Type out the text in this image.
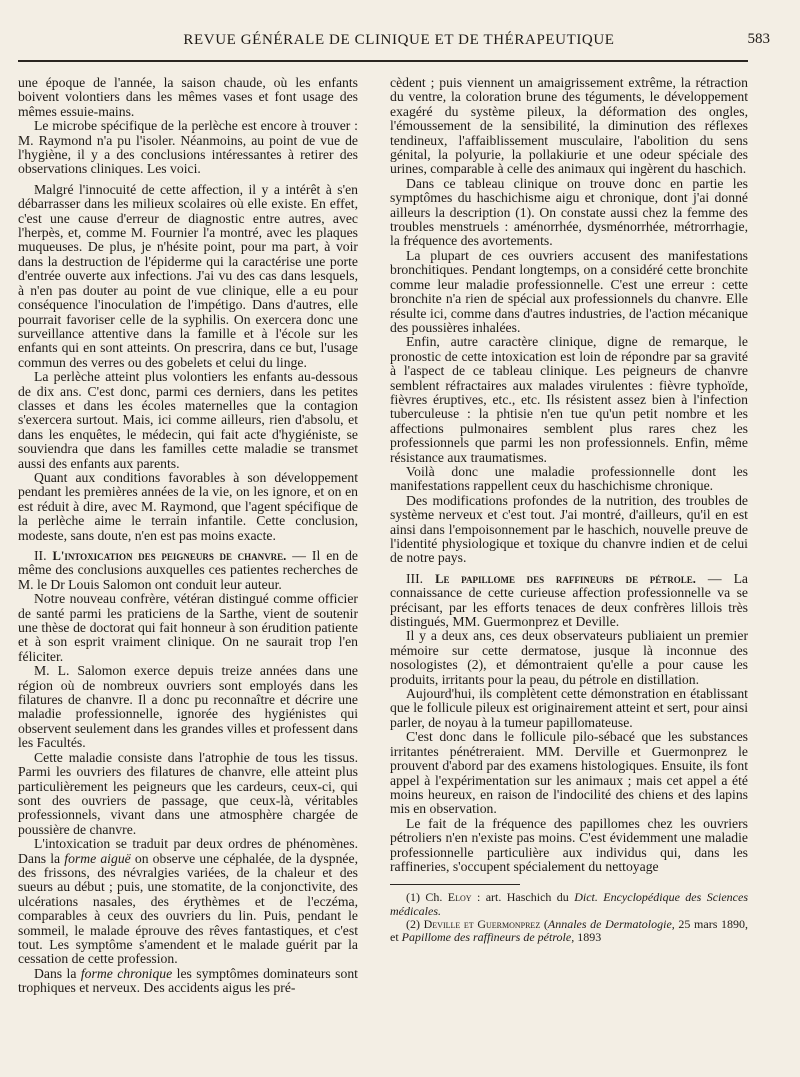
REVUE GÉNÉRALE DE CLINIQUE ET DE THÉRAPEUTIQUE	583

une époque de l'année, la saison chaude, où les enfants boivent volontiers dans les mêmes vases et font usage des mêmes essuie-mains.

Le microbe spécifique de la perlèche est encore à trouver : M. Raymond n'a pu l'isoler. Néanmoins, au point de vue de l'hygiène, il y a des conclusions intéressantes à retirer des observations cliniques. Les voici.

Malgré l'innocuité de cette affection, il y a intérêt à s'en débarrasser dans les milieux scolaires où elle existe. En effet, c'est une cause d'erreur de diagnostic entre autres, avec l'herpès, et, comme M. Fournier l'a montré, avec les plaques muqueuses. De plus, je n'hésite point, pour ma part, à voir dans la destruction de l'épiderme qui la caractérise une porte d'entrée ouverte aux infections. J'ai vu des cas dans lesquels, à n'en pas douter au point de vue clinique, elle a eu pour conséquence l'inoculation de l'impétigo. Dans d'autres, elle pourrait favoriser celle de la syphilis. On exercera donc une surveillance attentive dans la famille et à l'école sur les enfants qui en sont atteints. On prescrira, dans ce but, l'usage commun des verres ou des gobelets et celui du linge.

La perlèche atteint plus volontiers les enfants au-dessous de dix ans. C'est donc, parmi ces derniers, dans les petites classes et dans les écoles maternelles que la contagion s'exercera surtout. Mais, ici comme ailleurs, rien d'absolu, et dans les enquêtes, le médecin, qui fait acte d'hygiéniste, se souviendra que dans les familles cette maladie se transmet aussi des enfants aux parents.

Quant aux conditions favorables à son développement pendant les premières années de la vie, on les ignore, et on en est réduit à dire, avec M. Raymond, que l'agent spécifique de la perlèche aime le terrain infantile. Cette conclusion, modeste, sans doute, n'en est pas moins exacte.

II. L'intoxication des peigneurs de chanvre. — Il en de même des conclusions auxquelles ces patientes recherches de M. le Dr Louis Salomon ont conduit leur auteur.

Notre nouveau confrère, vétéran distingué comme officier de santé parmi les praticiens de la Sarthe, vient de soutenir une thèse de doctorat qui fait honneur à son érudition patiente et à son esprit vraiment clinique. On ne saurait trop l'en féliciter.

M. L. Salomon exerce depuis treize années dans une région où de nombreux ouvriers sont employés dans les filatures de chanvre. Il a donc pu reconnaître et décrire une maladie professionnelle, ignorée des hygiénistes qui observent seulement dans les grandes villes et professent dans les Facultés.

Cette maladie consiste dans l'atrophie de tous les tissus. Parmi les ouvriers des filatures de chanvre, elle atteint plus particulièrement les peigneurs que les cardeurs, ceux-ci, qui sont des ouvriers de passage, que ceux-là, véritables professionnels, vivant dans une atmosphère chargée de poussière de chanvre.

L'intoxication se traduit par deux ordres de phénomènes. Dans la forme aiguë on observe une céphalée, de la dyspnée, des frissons, des névralgies variées, de la chaleur et des sueurs au début ; puis, une stomatite, de la conjonctivite, des ulcérations nasales, des érythèmes et de l'eczéma, comparables à ceux des ouvriers du lin. Puis, pendant le sommeil, le malade éprouve des rêves fantastiques, et c'est tout. Les symptôme s'amendent et le malade guérit par la cessation de cette profession.

Dans la forme chronique les symptômes dominateurs sont trophiques et nerveux. Des accidents aigus les pré-

cèdent ; puis viennent un amaigrissement extrême, la rétraction du ventre, la coloration brune des téguments, le développement exagéré du système pileux, la déformation des ongles, l'émoussement de la sensibilité, la diminution des réflexes tendineux, l'affaiblissement musculaire, l'abolition du sens génital, la polyurie, la pollakiurie et une odeur spéciale des urines, comparable à celle des animaux qui ingèrent du haschich.

Dans ce tableau clinique on trouve donc en partie les symptômes du haschichisme aigu et chronique, dont j'ai donné ailleurs la description (1). On constate aussi chez la femme des troubles menstruels : aménorrhée, dysménorrhée, métrorrhagie, la fréquence des avortements.

La plupart de ces ouvriers accusent des manifestations bronchitiques. Pendant longtemps, on a considéré cette bronchite comme leur maladie professionnelle. C'est une erreur : cette bronchite n'a rien de spécial aux professionnels du chanvre. Elle résulte ici, comme dans d'autres industries, de l'action mécanique des poussières inhalées.

Enfin, autre caractère clinique, digne de remarque, le pronostic de cette intoxication est loin de répondre par sa gravité à l'aspect de ce tableau clinique. Les peigneurs de chanvre semblent réfractaires aux malades virulentes : fièvre typhoïde, fièvres éruptives, etc., etc. Ils résistent assez bien à l'infection tuberculeuse : la phtisie n'en tue qu'un petit nombre et les affections pulmonaires semblent plus rares chez les professionnels que parmi les non professionnels. Enfin, même résistance aux traumatismes.

Voilà donc une maladie professionnelle dont les manifestations rappellent ceux du haschichisme chronique.

Des modifications profondes de la nutrition, des troubles de système nerveux et c'est tout. J'ai montré, d'ailleurs, qu'il en est ainsi dans l'empoisonnement par le haschich, nouvelle preuve de l'identité physiologique et toxique du chanvre indien et de celui de notre pays.

III. Le papillome des raffineurs de pétrole. — La connaissance de cette curieuse affection professionnelle va se précisant, par les efforts tenaces de deux confrères lillois très distingués, MM. Guermonprez et Deville.

Il y a deux ans, ces deux observateurs publiaient un premier mémoire sur cette dermatose, jusque là inconnue des nosologistes (2), et démontraient qu'elle a pour cause les produits, irritants pour la peau, du pétrole en distillation.

Aujourd'hui, ils complètent cette démonstration en établissant que le follicule pileux est originairement atteint et sert, pour ainsi parler, de noyau à la tumeur papillomateuse.

C'est donc dans le follicule pilo-sébacé que les substances irritantes pénétreraient. MM. Derville et Guermonprez le prouvent d'abord par des examens histologiques. Ensuite, ils font appel à l'expérimentation sur les animaux ; mais cet appel a été moins heureux, en raison de l'indocilité des chiens et des lapins mis en observation.

Le fait de la fréquence des papillomes chez les ouvriers pétroliers n'en n'existe pas moins. C'est évidemment une maladie professionnelle particulière aux individus qui, dans les raffineries, s'occupent spécialement du nettoyage

(1) Ch. Eloy : art. Haschich du Dict. Encyclopédique des Sciences médicales.

(2) Deville et Guermonprez (Annales de Dermatologie, 25 mars 1890, et Papillome des raffineurs de pétrole, 1893
